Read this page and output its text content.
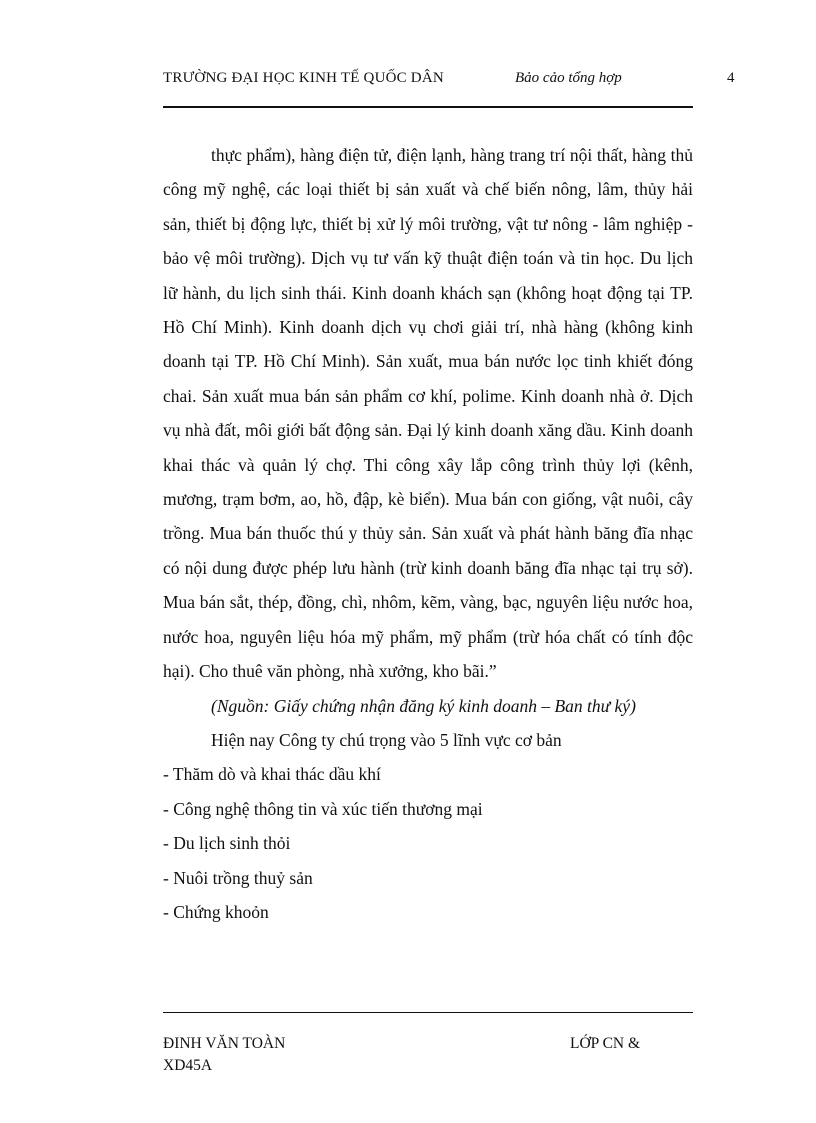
TRƯỜNG ĐẠI HỌC KINH TẾ QUỐC DÂN	Bảo cảo tổng hợp	4

thực phẩm), hàng điện tử, điện lạnh, hàng trang trí nội thất, hàng thủ công mỹ nghệ, các loại thiết bị sản xuất và chế biến nông, lâm, thủy hải sản, thiết bị động lực, thiết bị xử lý môi trường, vật tư nông - lâm nghiệp - bảo vệ môi trường). Dịch vụ tư vấn kỹ thuật điện toán và tin học. Du lịch lữ hành, du lịch sinh thái. Kinh doanh khách sạn (không hoạt động tại TP. Hồ Chí Minh). Kinh doanh dịch vụ chơi giải trí, nhà hàng (không kinh doanh tại TP. Hồ Chí Minh). Sản xuất, mua bán nước lọc tinh khiết đóng chai. Sản xuất mua bán sản phẩm cơ khí, polime. Kinh doanh nhà ở. Dịch vụ nhà đất, môi giới bất động sản. Đại lý kinh doanh xăng dầu. Kinh doanh khai thác và quản lý chợ. Thi công xây lắp công trình thủy lợi (kênh, mương, trạm bơm, ao, hồ, đập, kè biển). Mua bán con giống, vật nuôi, cây trồng. Mua bán thuốc thú y thủy sản. Sản xuất và phát hành băng đĩa nhạc có nội dung được phép lưu hành (trừ kinh doanh băng đĩa nhạc tại trụ sở). Mua bán sắt, thép, đồng, chì, nhôm, kẽm, vàng, bạc, nguyên liệu nước hoa, nước hoa, nguyên liệu hóa mỹ phẩm, mỹ phẩm (trừ hóa chất có tính độc hại). Cho thuê văn phòng, nhà xưởng, kho bãi.”

(Nguồn: Giấy chứng nhận đăng ký kinh doanh – Ban thư ký)

Hiện nay Công ty chú trọng vào 5 lĩnh vực cơ bản

- Thăm dò và khai thác dầu khí

- Công nghệ thông tin và xúc tiến thương mại

- Du lịch sinh thỏi

- Nuôi trồng thuỷ sản

- Chứng khoỏn

ĐINH VĂN TOÀN
XD45A
LỚP CN &
